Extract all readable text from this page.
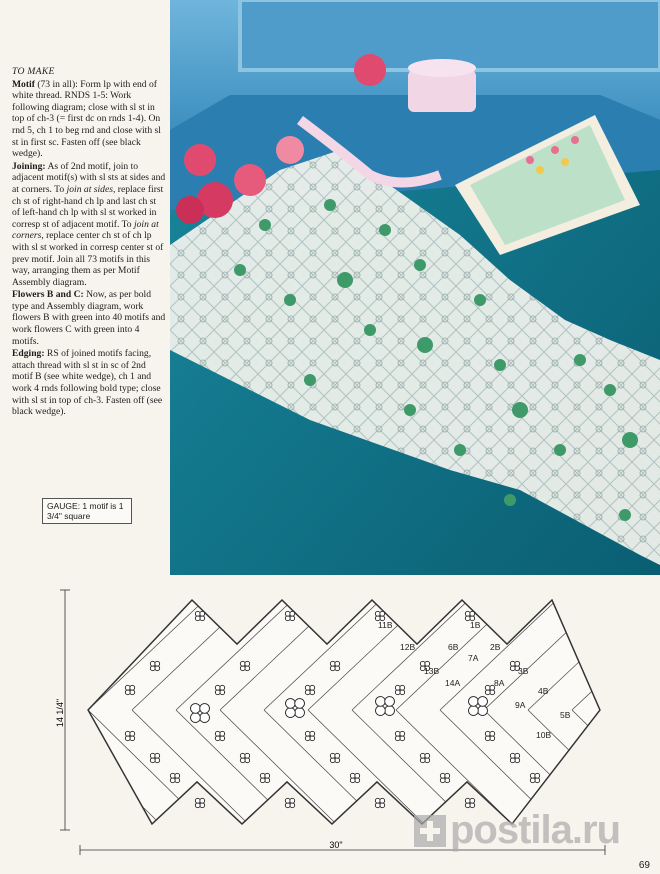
TO MAKE

Motif (73 in all): Form lp with end of white thread. RNDS 1-5: Work following diagram; close with sl st in top of ch-3 (= first dc on rnds 1-4). On rnd 5, ch 1 to beg rnd and close with sl st in first sc. Fasten off (see black wedge).

Joining: As of 2nd motif, join to adjacent motif(s) with sl sts at sides and at corners. To join at sides, replace first ch st of right-hand ch lp and last ch st of left-hand ch lp with sl st worked in corresp st of adjacent motif. To join at corners, replace center ch st of ch lp with sl st worked in corresp center st of prev motif. Join all 73 motifs in this way, arranging them as per Motif Assembly diagram.

Flowers B and C: Now, as per bold type and Assembly diagram, work flowers B with green into 40 motifs and work flowers C with green into 4 motifs.

Edging: RS of joined motifs facing, attach thread with sl st in sc of 2nd motif B (see white wedge), ch 1 and work 4 rnds following bold type; close with sl st in top of ch-3. Fasten off (see black wedge).

GAUGE: 1 motif is 1 3/4" square
14 1/4"
30"
11B
12B
13B
14A
6B
7A
8A
9A
10B
1B
2B
3B
4B
5B
69
postila.ru
